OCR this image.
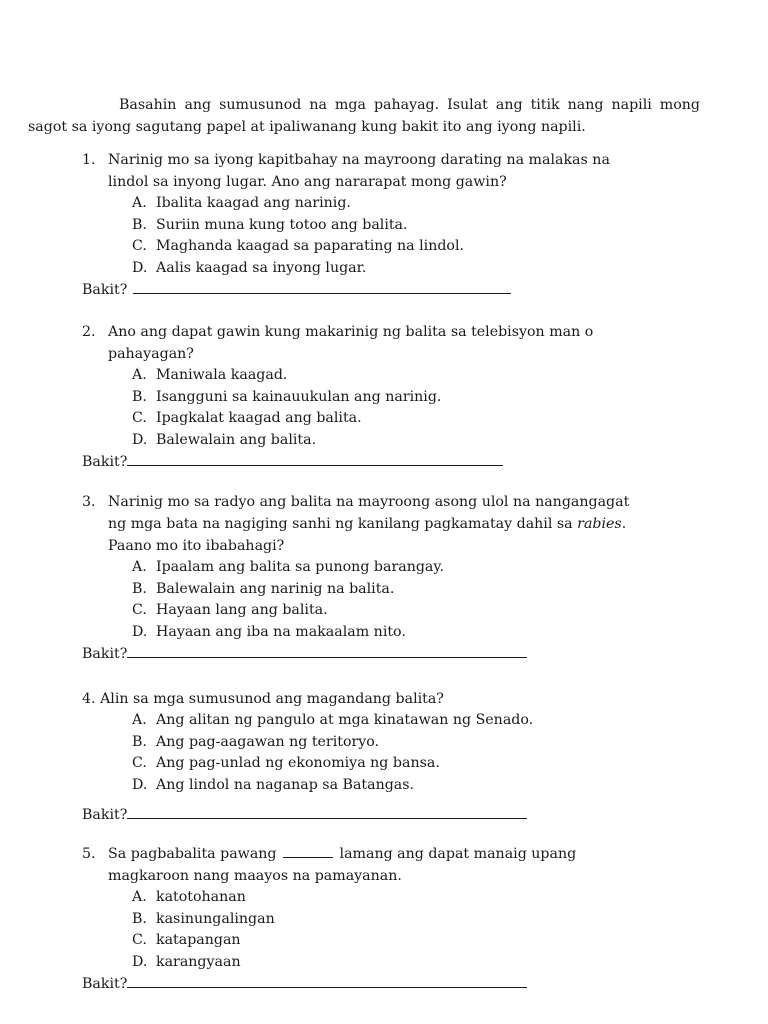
Basahin ang sumusunod na mga pahayag. Isulat ang titik nang napili mong sagot sa iyong sagutang papel at ipaliwanang kung bakit ito ang iyong napili.
1. Narinig mo sa iyong kapitbahay na mayroong darating na malakas na
lindol sa inyong lugar. Ano ang nararapat mong gawin?
A. Ibalita kaagad ang narinig.
B. Suriin muna kung totoo ang balita.
C. Maghanda kaagad sa paparating na lindol.
D. Aalis kaagad sa inyong lugar.
Bakit?
2. Ano ang dapat gawin kung makarinig ng balita sa telebisyon man o
pahayagan?
A. Maniwala kaagad.
B. Isangguni sa kainauukulan ang narinig.
C. Ipagkalat kaagad ang balita.
D. Balewalain ang balita.
Bakit?
3. Narinig mo sa radyo ang balita na mayroong asong ulol na nangangagat
ng mga bata na nagiging sanhi ng kanilang pagkamatay dahil sa rabies.
Paano mo ito ibabahagi?
A. Ipaalam ang balita sa punong barangay.
B. Balewalain ang narinig na balita.
C. Hayaan lang ang balita.
D. Hayaan ang iba na makaalam nito.
Bakit?
4. Alin sa mga sumusunod ang magandang balita?
A. Ang alitan ng pangulo at mga kinatawan ng Senado.
B. Ang pag-aagawan ng teritoryo.
C. Ang pag-unlad ng ekonomiya ng bansa.
D. Ang lindol na naganap sa Batangas.
Bakit?
5. Sa pagbabalita pawang	lamang ang dapat manaig upang
magkaroon nang maayos na pamayanan.
A. katotohanan
B. kasinungalingan
C. katapangan
D. karangyaan
Bakit?
